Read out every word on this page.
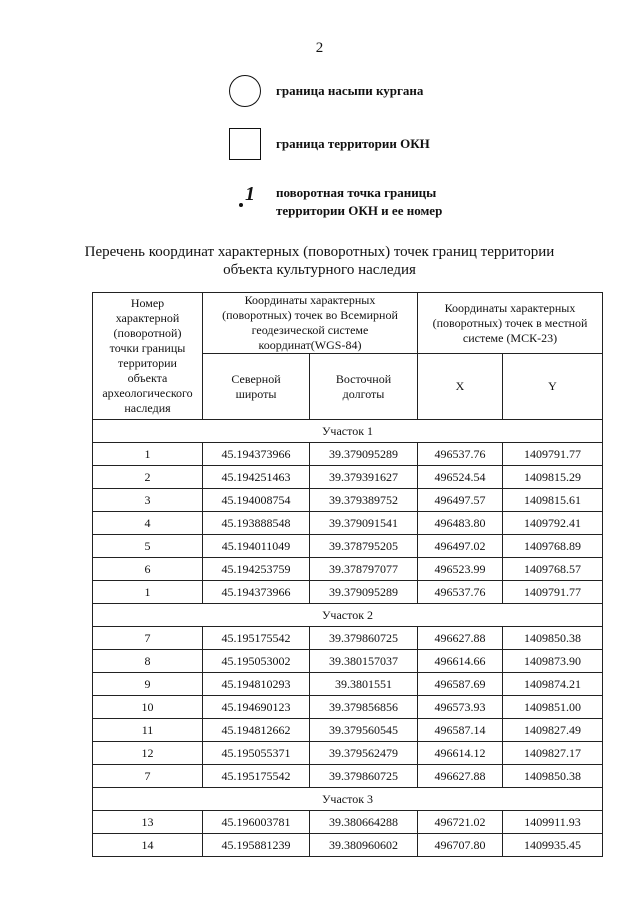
2
граница насыпи кургана
граница территории ОКН
1 поворотная точка границы
территории ОКН и ее номер
Перечень координат характерных (поворотных) точек границ территории
объекта культурного наследия
Номер характерной (поворотной) точки границы территории объекта археологического наследия	Координаты характерных (поворотных) точек во Всемирной геодезической системе координат(WGS-84)		Координаты характерных (поворотных) точек в местной системе (МСК-23)	
	Северной широты	Восточной долготы	X	Y
Участок 1				
1	45.194373966	39.379095289	496537.76	1409791.77
2	45.194251463	39.379391627	496524.54	1409815.29
3	45.194008754	39.379389752	496497.57	1409815.61
4	45.193888548	39.379091541	496483.80	1409792.41
5	45.194011049	39.378795205	496497.02	1409768.89
6	45.194253759	39.378797077	496523.99	1409768.57
1	45.194373966	39.379095289	496537.76	1409791.77
Участок 2				
7	45.195175542	39.379860725	496627.88	1409850.38
8	45.195053002	39.380157037	496614.66	1409873.90
9	45.194810293	39.3801551	496587.69	1409874.21
10	45.194690123	39.379856856	496573.93	1409851.00
11	45.194812662	39.379560545	496587.14	1409827.49
12	45.195055371	39.379562479	496614.12	1409827.17
7	45.195175542	39.379860725	496627.88	1409850.38
Участок 3				
13	45.196003781	39.380664288	496721.02	1409911.93
14	45.195881239	39.380960602	496707.80	1409935.45
